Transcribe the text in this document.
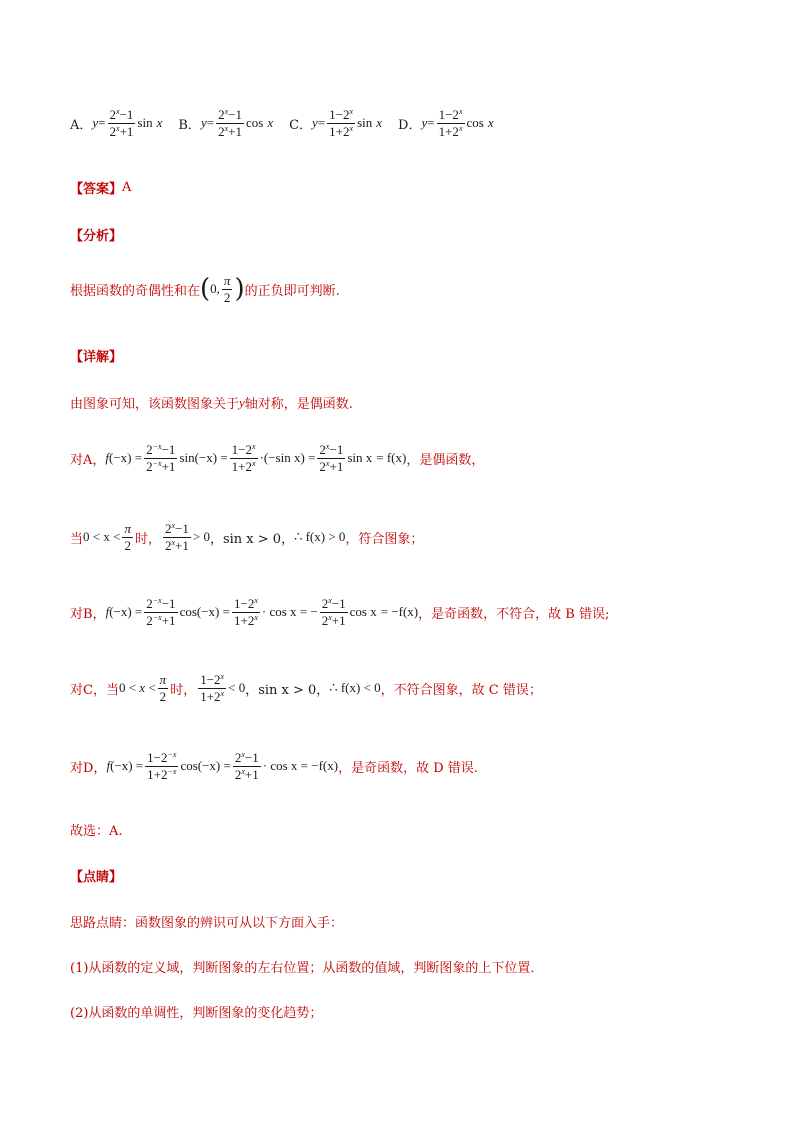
A． $y = \frac{2^x-1}{2^x+1}$ sin x B． $y = \frac{2^x-1}{2^x+1}$ cos x C． $y = \frac{1-2^x}{1+2^x}$ sin x D． $y = \frac{1-2^x}{1+2^x}$ cos x
【答案】 A
【分析】
根据函数的奇偶性和在 ( 0, $\frac{\pi}{2}$ ) 的正负即可判断.
【详解】
由图象可知，该函数图象关于 y 轴对称，是偶函数.
对A， $f(-x) = \frac{2^{-x}-1}{2^{-x}+1} \sin(-x) = \frac{1-2^x}{1+2^x} \cdot(-\sin$ $x) = \frac{2^x-1}{2^x+1}$ sin x = f(x) ，是偶函数，
当 $0 < x < \frac{\pi}{2}$ 时， $\frac{2^x-1}{2^x+1} > 0$ ，sin x > 0， ∴ f(x) > 0 ，符合图象；
对B， $f(-x) = \frac{2^{-x}-1}{2^{-x}+1} \cos(-x) = \frac{1-2^x}{1+2^x} \cdot \cos x$
= − $\frac{2^x-1}{2^x+1}$ cos x = −f(x) ，是奇函数，不符合，故 B 错误;
对C，当 $0 < x < \frac{\pi}{2}$ 时， $\frac{1-2^x}{1+2^x} < 0$ ，sin x > 0， ∴ f(x) < 0 ，不符合图象，故 C 错误；
对D， $f(-x) = \frac{1-2^{-x}}{1+2^{-x}} \cos(-x) = \frac{2^x-1}{2^x+1} \cdot \cos x = -f(x)$ ，是奇函数，故 D 错误.
故选：A.
【点睛】
思路点睛：函数图象的辨识可从以下方面入手：
(1)从函数的定义域，判断图象的左右位置；从函数的值域，判断图象的上下位置．
(2)从函数的单调性，判断图象的变化趋势；
